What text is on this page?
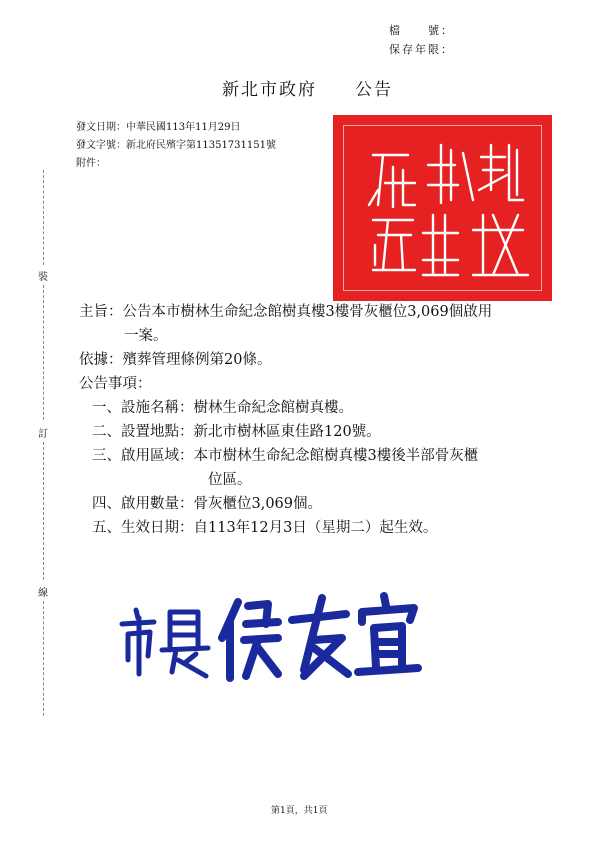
檔　　號：
保存年限：
新北市政府　　公告
發文日期：中華民國113年11月29日
發文字號：新北府民殯字第11351731151號
附件：
裝
訂
線
主旨：公告本市樹林生命紀念館樹真樓3樓骨灰櫃位3,069個啟用
一案。
依據：殯葬管理條例第20條。
公告事項：
一、設施名稱：樹林生命紀念館樹真樓。
二、設置地點：新北市樹林區東佳路120號。
三、啟用區域：本市樹林生命紀念館樹真樓3樓後半部骨灰櫃
位區。
四、啟用數量：骨灰櫃位3,069個。
五、生效日期：自113年12月3日（星期二）起生效。
第1頁，共1頁
